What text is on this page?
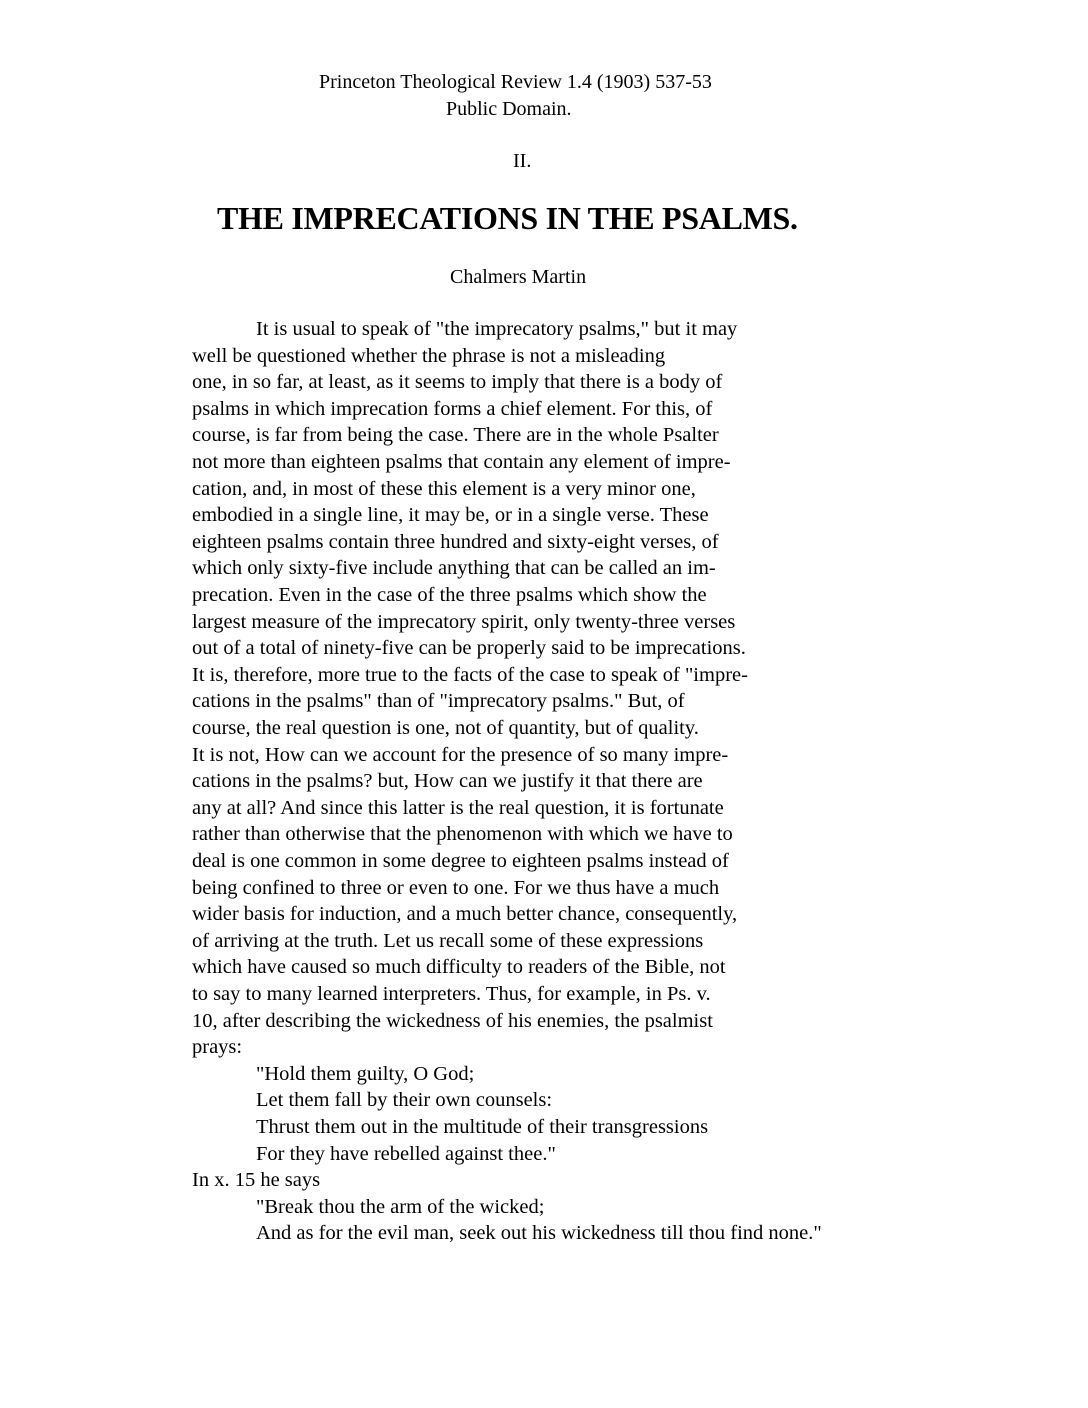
Princeton Theological Review 1.4 (1903) 537-53
Public Domain.
II.
THE IMPRECATIONS IN THE PSALMS.
Chalmers Martin
It is usual to speak of "the imprecatory psalms," but it may
well be questioned whether the phrase is not a misleading
one, in so far, at least, as it seems to imply that there is a body of
psalms in which imprecation forms a chief element. For this, of
course, is far from being the case. There are in the whole Psalter
not more than eighteen psalms that contain any element of impre-
cation, and, in most of these this element is a very minor one,
embodied in a single line, it may be, or in a single verse. These
eighteen psalms contain three hundred and sixty-eight verses, of
which only sixty-five include anything that can be called an im-
precation. Even in the case of the three psalms which show the
largest measure of the imprecatory spirit, only twenty-three verses
out of a total of ninety-five can be properly said to be imprecations.
It is, therefore, more true to the facts of the case to speak of "impre-
cations in the psalms" than of "imprecatory psalms." But, of
course, the real question is one, not of quantity, but of quality.
It is not, How can we account for the presence of so many impre-
cations in the psalms? but, How can we justify it that there are
any at all? And since this latter is the real question, it is fortunate
rather than otherwise that the phenomenon with which we have to
deal is one common in some degree to eighteen psalms instead of
being confined to three or even to one. For we thus have a much
wider basis for induction, and a much better chance, consequently,
of arriving at the truth. Let us recall some of these expressions
which have caused so much difficulty to readers of the Bible, not
to say to many learned interpreters. Thus, for example, in Ps. v.
10, after describing the wickedness of his enemies, the psalmist
prays:
"Hold them guilty, O God;
Let them fall by their own counsels:
Thrust them out in the multitude of their transgressions
For they have rebelled against thee."
In x. 15 he says
"Break thou the arm of the wicked;
And as for the evil man, seek out his wickedness till thou find none."
